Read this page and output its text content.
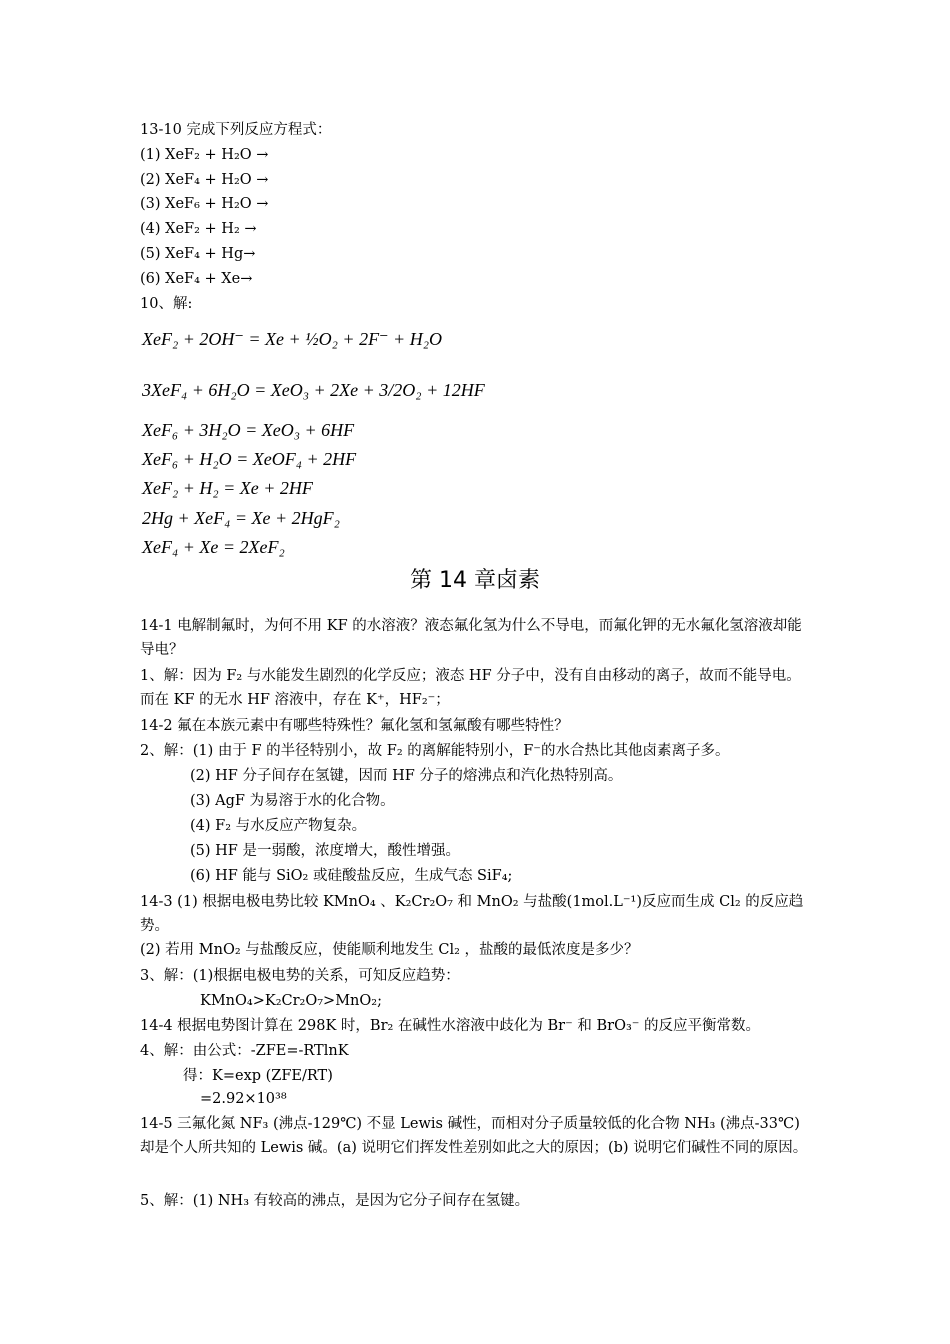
13-10 完成下列反应方程式：
(1) XeF₂ + H₂O →
(2) XeF₄ + H₂O →
(3) XeF₆ + H₂O →
(4) XeF₂ + H₂ →
(5) XeF₄ + Hg→
(6) XeF₄ + Xe→
10、解:
XeF₂ + 2OH⁻ = Xe + ½O₂ + 2F⁻ + H₂O
3XeF₄ + 6H₂O = XeO₃ + 2Xe + 3/2O₂ + 12HF
XeF₆ + 3H₂O = XeO₃ + 6HF
XeF₆ + H₂O = XeOF₄ + 2HF
XeF₂ + H₂ = Xe + 2HF
2Hg + XeF₄ = Xe + 2HgF₂
XeF₄ + Xe = 2XeF₂
第 14 章卤素
14-1 电解制氟时，为何不用 KF 的水溶液？液态氟化氢为什么不导电，而氟化钾的无水氟化氢溶液却能导电？
1、解：因为 F₂ 与水能发生剧烈的化学反应；液态 HF 分子中，没有自由移动的离子，故而不能导电。而在 KF 的无水 HF 溶液中，存在 K⁺，HF₂⁻；
14-2 氟在本族元素中有哪些特殊性？氟化氢和氢氟酸有哪些特性？
2、解：(1) 由于 F 的半径特别小，故 F₂ 的离解能特别小，F⁻的水合热比其他卤素离子多。
(2) HF 分子间存在氢键，因而 HF 分子的熔沸点和汽化热特别高。
(3) AgF 为易溶于水的化合物。
(4) F₂ 与水反应产物复杂。
(5) HF 是一弱酸，浓度增大，酸性增强。
(6) HF 能与 SiO₂ 或硅酸盐反应，生成气态 SiF₄;
14-3 (1) 根据电极电势比较 KMnO₄ 、K₂Cr₂O₇ 和 MnO₂ 与盐酸(1mol.L⁻¹)反应而生成 Cl₂ 的反应趋势。
(2) 若用 MnO₂ 与盐酸反应，使能顺利地发生 Cl₂ ，盐酸的最低浓度是多少？
3、解：(1)根据电极电势的关系，可知反应趋势：
KMnO₄>K₂Cr₂O₇>MnO₂;
14-4 根据电势图计算在 298K 时，Br₂ 在碱性水溶液中歧化为 Br⁻ 和 BrO₃⁻ 的反应平衡常数。
4、解：由公式：-ZFE=-RTlnK
得：K=exp (ZFE/RT)
=2.92×10³⁸
14-5 三氟化氮 NF₃ (沸点-129℃) 不显 Lewis 碱性，而相对分子质量较低的化合物 NH₃ (沸点-33℃) 却是个人所共知的 Lewis 碱。(a) 说明它们挥发性差别如此之大的原因；(b) 说明它们碱性不同的原因。
5、解：(1) NH₃ 有较高的沸点，是因为它分子间存在氢键。
